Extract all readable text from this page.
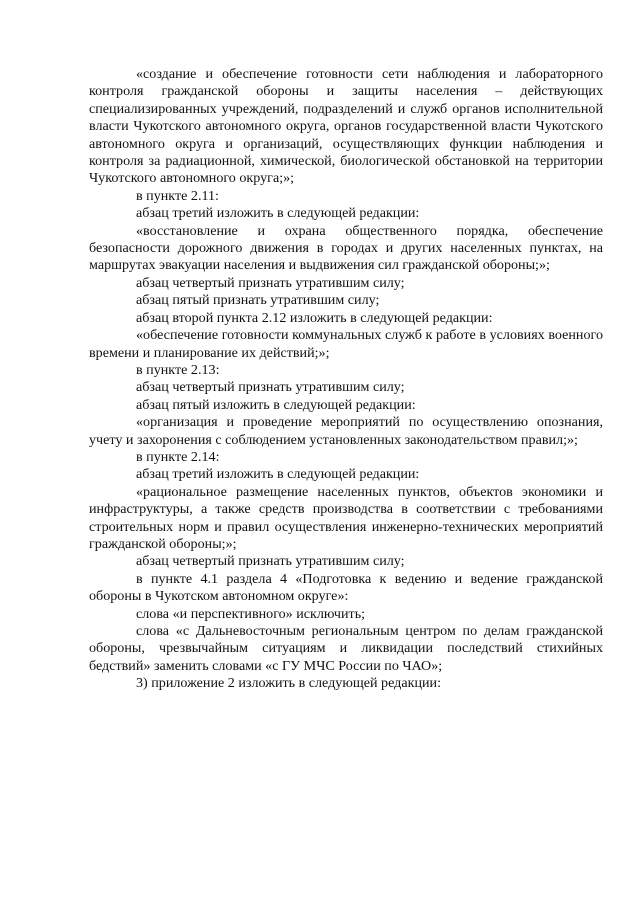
«создание и обеспечение готовности сети наблюдения и лабораторного контроля гражданской обороны и защиты населения – действующих специализированных учреждений, подразделений и служб органов исполнительной власти Чукотского автономного округа, органов государственной власти Чукотского автономного округа и организаций, осуществляющих функции наблюдения и контроля за радиационной, химической, биологической обстановкой на территории Чукотского автономного округа;»;

в пункте 2.11:

абзац третий изложить в следующей редакции:

«восстановление и охрана общественного порядка, обеспечение безопасности дорожного движения в городах и других населенных пунктах, на маршрутах эвакуации населения и выдвижения сил гражданской обороны;»;

абзац четвертый признать утратившим силу;

абзац пятый признать утратившим силу;

абзац второй пункта 2.12 изложить в следующей редакции:

«обеспечение готовности коммунальных служб к работе в условиях военного времени и планирование их действий;»;

в пункте 2.13:

абзац четвертый признать утратившим силу;

абзац пятый изложить в следующей редакции:

«организация и проведение мероприятий по осуществлению опознания, учету и захоронения с соблюдением установленных законодательством правил;»;

в пункте 2.14:

абзац третий изложить в следующей редакции:

«рациональное размещение населенных пунктов, объектов экономики и инфраструктуры, а также средств производства в соответствии с требованиями строительных норм и правил осуществления инженерно-технических мероприятий гражданской обороны;»;

абзац четвертый признать утратившим силу;

в пункте 4.1 раздела 4 «Подготовка к ведению и ведение гражданской обороны в Чукотском автономном округе»:

слова «и перспективного» исключить;

слова «с Дальневосточным региональным центром по делам гражданской обороны, чрезвычайным ситуациям и ликвидации последствий стихийных бедствий» заменить словами «с ГУ МЧС России по ЧАО»;

3) приложение 2 изложить в следующей редакции:
